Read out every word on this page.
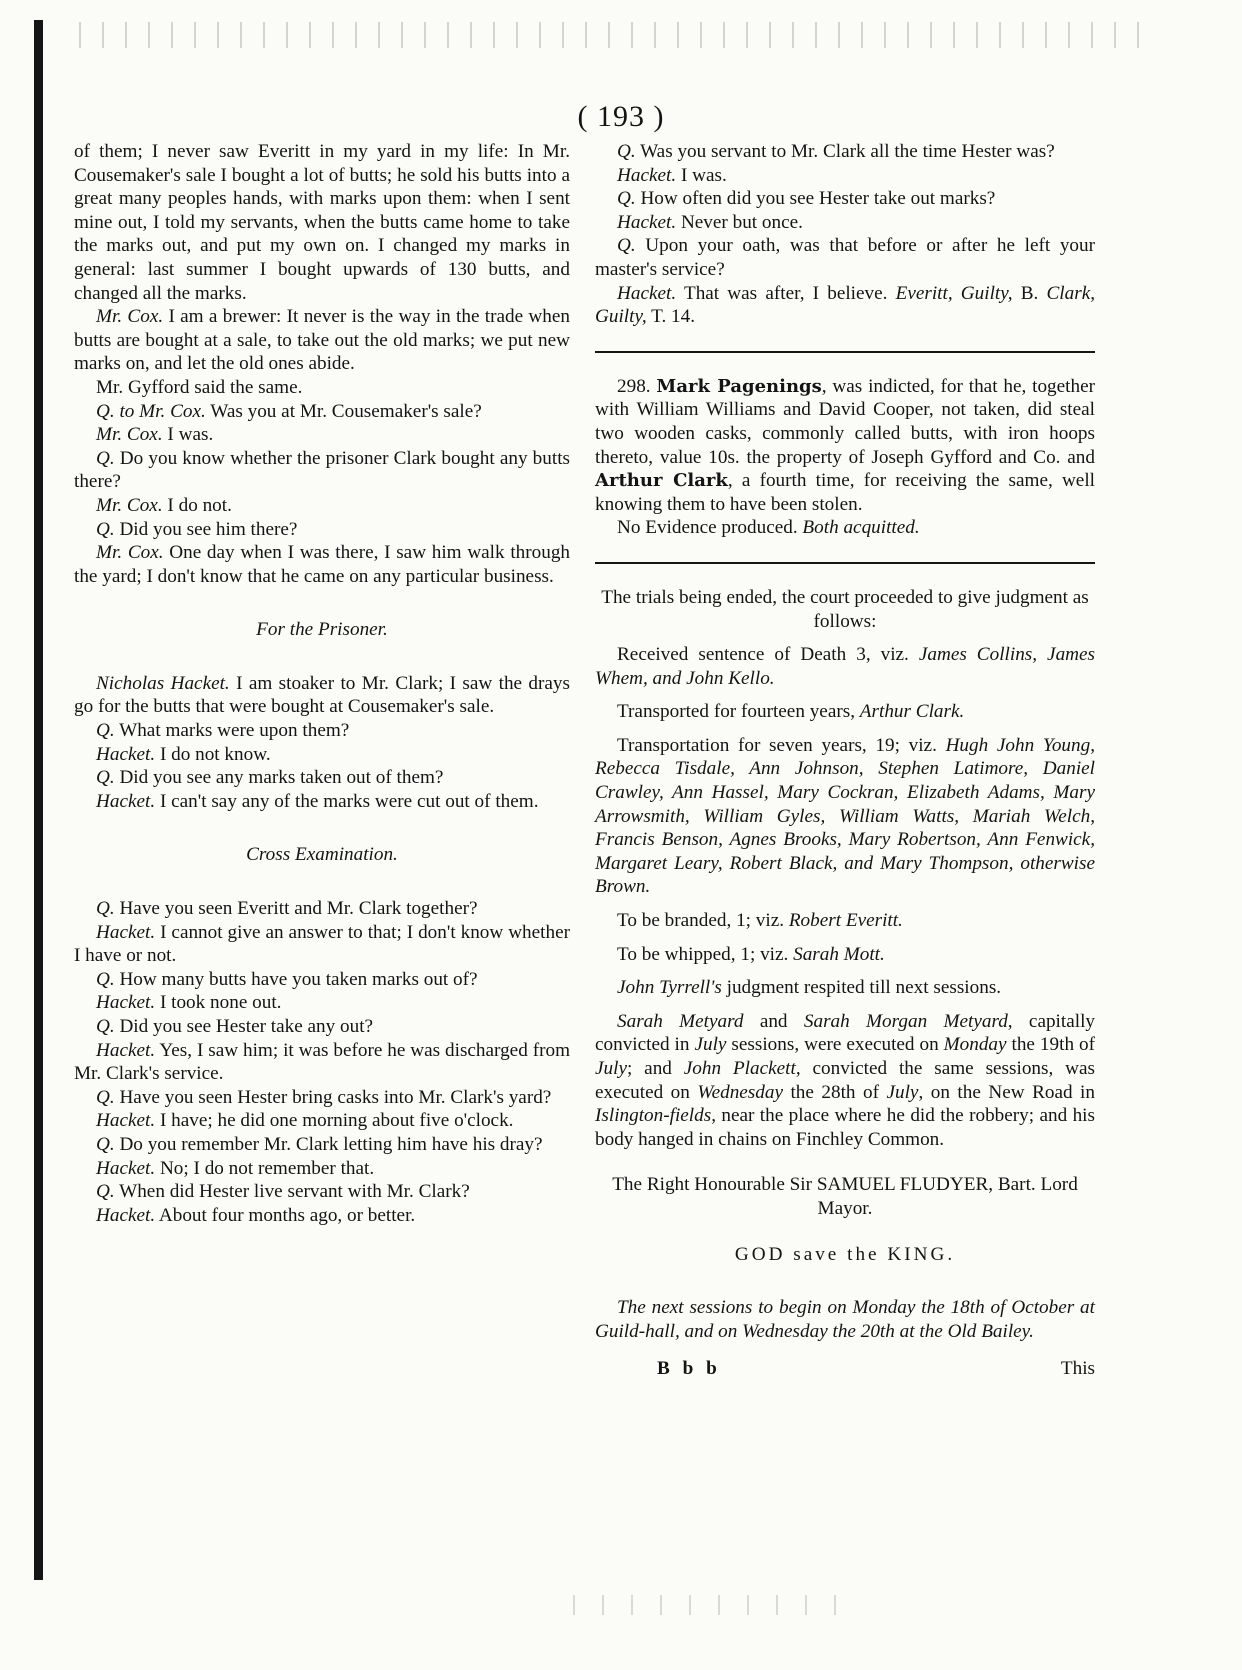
( 193 )

of them; I never saw Everitt in my yard in my life: In Mr. Cousemaker's sale I bought a lot of butts; he sold his butts into a great many peoples hands, with marks upon them: when I sent mine out, I told my servants, when the butts came home to take the marks out, and put my own on. I changed my marks in general: last summer I bought upwards of 130 butts, and changed all the marks.

Mr. Cox. I am a brewer: It never is the way in the trade when butts are bought at a sale, to take out the old marks; we put new marks on, and let the old ones abide.

Mr. Gyfford said the same.

Q. to Mr. Cox. Was you at Mr. Cousemaker's sale?

Mr. Cox. I was.

Q. Do you know whether the prisoner Clark bought any butts there?

Mr. Cox. I do not.

Q. Did you see him there?

Mr. Cox. One day when I was there, I saw him walk through the yard; I don't know that he came on any particular business.

For the Prisoner.

Nicholas Hacket. I am stoaker to Mr. Clark; I saw the drays go for the butts that were bought at Cousemaker's sale.

Q. What marks were upon them?

Hacket. I do not know.

Q. Did you see any marks taken out of them?

Hacket. I can't say any of the marks were cut out of them.

Cross Examination.

Q. Have you seen Everitt and Mr. Clark together?

Hacket. I cannot give an answer to that; I don't know whether I have or not.

Q. How many butts have you taken marks out of?

Hacket. I took none out.

Q. Did you see Hester take any out?

Hacket. Yes, I saw him; it was before he was discharged from Mr. Clark's service.

Q. Have you seen Hester bring casks into Mr. Clark's yard?

Hacket. I have; he did one morning about five o'clock.

Q. Do you remember Mr. Clark letting him have his dray?

Hacket. No; I do not remember that.

Q. When did Hester live servant with Mr. Clark?

Hacket. About four months ago, or better.

Q. Was you servant to Mr. Clark all the time Hester was?

Hacket. I was.

Q. How often did you see Hester take out marks?

Hacket. Never but once.

Q. Upon your oath, was that before or after he left your master's service?

Hacket. That was after, I believe. Everitt, Guilty, B. Clark, Guilty, T. 14.

298. Mark Pagenings, was indicted, for that he, together with William Williams and David Cooper, not taken, did steal two wooden casks, commonly called butts, with iron hoops thereto, value 10s. the property of Joseph Gyfford and Co. and Arthur Clark, a fourth time, for receiving the same, well knowing them to have been stolen.

No Evidence produced. Both acquitted.

The trials being ended, the court proceeded to give judgment as follows:

Received sentence of Death 3, viz. James Collins, James Whem, and John Kello.

Transported for fourteen years, Arthur Clark.

Transportation for seven years, 19; viz. Hugh John Young, Rebecca Tisdale, Ann Johnson, Stephen Latimore, Daniel Crawley, Ann Hassel, Mary Cockran, Elizabeth Adams, Mary Arrowsmith, William Gyles, William Watts, Mariah Welch, Francis Benson, Agnes Brooks, Mary Robertson, Ann Fenwick, Margaret Leary, Robert Black, and Mary Thompson, otherwise Brown.

To be branded, 1; viz. Robert Everitt.

To be whipped, 1; viz. Sarah Mott.

John Tyrrell's judgment respited till next sessions.

Sarah Metyard and Sarah Morgan Metyard, capitally convicted in July sessions, were executed on Monday the 19th of July; and John Plackett, convicted the same sessions, was executed on Wednesday the 28th of July, on the New Road in Islington-fields, near the place where he did the robbery; and his body hanged in chains on Finchley Common.

The Right Honourable Sir SAMUEL FLUDYER, Bart. Lord Mayor.

GOD save the KING.

The next sessions to begin on Monday the 18th of October at Guild-hall, and on Wednesday the 20th at the Old Bailey.

B b b	This
